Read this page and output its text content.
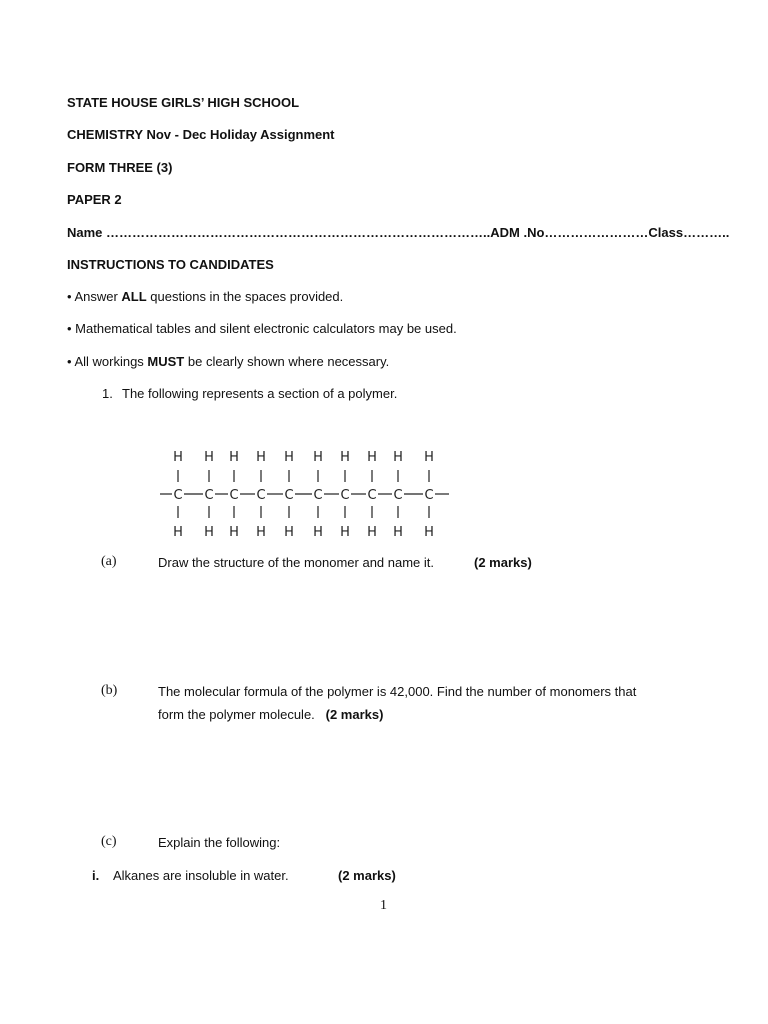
STATE HOUSE GIRLS’ HIGH SCHOOL
CHEMISTRY Nov - Dec Holiday Assignment
FORM THREE (3)
PAPER 2
Name ……………………………………………………………………………..ADM .No……………………Class………..
INSTRUCTIONS TO CANDIDATES
• Answer ALL questions in the spaces provided.
• Mathematical tables and silent electronic calculators may be used.
• All workings MUST be clearly shown where necessary.
1. The following represents a section of a polymer.
H
C
H
H
C
H
H
C
H
H
C
H
H
C
H
H
C
H
H
C
H
H
C
H
H
C
H
H
C
H
(a)	Draw the structure of the monomer and name it.	(2 marks)
(b)	The molecular formula of the polymer is 42,000. Find the number of monomers that
form the polymer molecule. (2 marks)
(c)	Explain the following:
i. Alkanes are insoluble in water.	(2 marks)
1
